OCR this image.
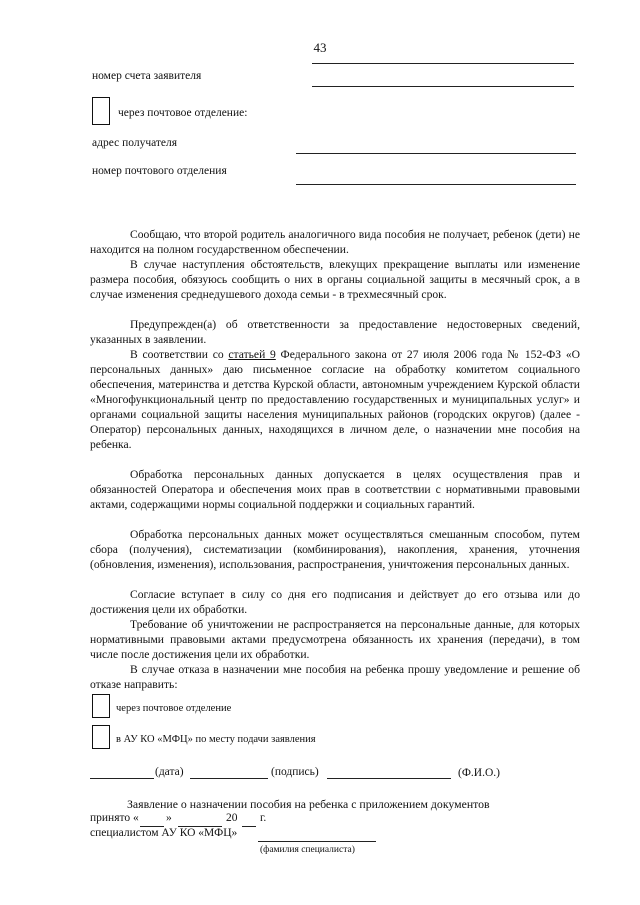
43
номер счета заявителя
через почтовое отделение:
адрес получателя
номер почтового отделения

Сообщаю, что второй родитель аналогичного вида пособия не получает, ребенок (дети) не находится на полном государственном обеспечении.

В случае наступления обстоятельств, влекущих прекращение выплаты или изменение размера пособия, обязуюсь сообщить о них в органы социальной защиты в месячный срок, а в случае изменения среднедушевого дохода семьи - в трехмесячный срок.

Предупрежден(а) об ответственности за предоставление недостоверных сведений, указанных в заявлении.

В соответствии со статьей 9 Федерального закона от 27 июля 2006 года № 152-ФЗ «О персональных данных» даю письменное согласие на обработку комитетом социального обеспечения, материнства и детства Курской области, автономным учреждением Курской области «Многофункциональный центр по предоставлению государственных и муниципальных услуг» и органами социальной защиты населения муниципальных районов (городских округов) (далее - Оператор) персональных данных, находящихся в личном деле, о назначении мне пособия на ребенка.

Обработка персональных данных допускается в целях осуществления прав и обязанностей Оператора и обеспечения моих прав в соответствии с нормативными правовыми актами, содержащими нормы социальной поддержки и социальных гарантий.

Обработка персональных данных может осуществляться смешанным способом, путем сбора (получения), систематизации (комбинирования), накопления, хранения, уточнения (обновления, изменения), использования, распространения, уничтожения персональных данных.

Согласие вступает в силу со дня его подписания и действует до его отзыва или до достижения цели их обработки.

Требование об уничтожении не распространяется на персональные данные, для которых нормативными правовыми актами предусмотрена обязанность их хранения (передачи), в том числе после достижения цели их обработки.

В случае отказа в назначении мне пособия на ребенка прошу уведомление и решение об отказе направить:

через почтовое отделение
в АУ КО «МФЦ» по месту подачи заявления
(дата)	(подпись)	(Ф.И.О.)
Заявление о назначении пособия на ребенка с приложением документов
принято « »	20 г.
специалистом АУ КО «МФЦ»
(фамилия специалиста)
